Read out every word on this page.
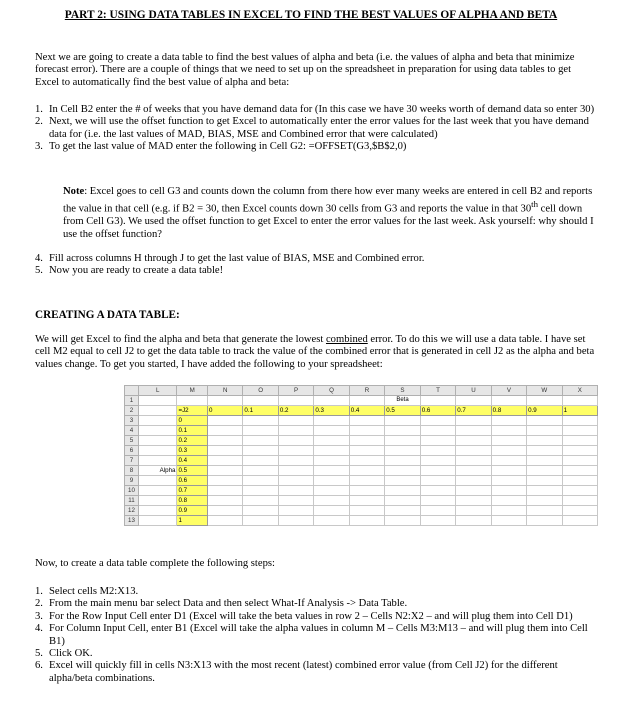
PART 2: USING DATA TABLES IN EXCEL TO FIND THE BEST VALUES OF ALPHA AND BETA
Next we are going to create a data table to find the best values of alpha and beta (i.e. the values of alpha and beta that minimize forecast error). There are a couple of things that we need to set up on the spreadsheet in preparation for using data tables to get Excel to automatically find the best value of alpha and beta:
1. In Cell B2 enter the # of weeks that you have demand data for (In this case we have 30 weeks worth of demand data so enter 30)
2. Next, we will use the offset function to get Excel to automatically enter the error values for the last week that you have demand data for (i.e. the last values of MAD, BIAS, MSE and Combined error that were calculated)
3. To get the last value of MAD enter the following in Cell G2: =OFFSET(G3,$B$2,0)
Note: Excel goes to cell G3 and counts down the column from there how ever many weeks are entered in cell B2 and reports the value in that cell (e.g. if B2 = 30, then Excel counts down 30 cells from G3 and reports the value in that 30th cell down from Cell G3). We used the offset function to get Excel to enter the error values for the last week. Ask yourself: why should I use the offset function?
4. Fill across columns H through J to get the last value of BIAS, MSE and Combined error.
5. Now you are ready to create a data table!
CREATING A DATA TABLE:
We will get Excel to find the alpha and beta that generate the lowest combined error. To do this we will use a data table. I have set cell M2 equal to cell J2 to get the data table to track the value of the combined error that is generated in cell J2 as the alpha and beta values change. To get you started, I have added the following to your spreadsheet:
	L	M	N	O	P	Q	R	S	T	U	V	W	X
1								Beta					
2		=J2	0	0.1	0.2	0.3	0.4	0.5	0.6	0.7	0.8	0.9	1
3		0											
4		0.1											
5		0.2											
6		0.3											
7		0.4											
8	Alpha	0.5											
9		0.6											
10		0.7											
11		0.8											
12		0.9											
13		1											
Now, to create a data table complete the following steps:
1. Select cells M2:X13.
2. From the main menu bar select Data and then select What-If Analysis -> Data Table.
3. For the Row Input Cell enter D1 (Excel will take the beta values in row 2 – Cells N2:X2 – and will plug them into Cell D1)
4. For Column Input Cell, enter B1 (Excel will take the alpha values in column M – Cells M3:M13 – and will plug them into Cell B1)
5. Click OK.
6. Excel will quickly fill in cells N3:X13 with the most recent (latest) combined error value (from Cell J2) for the different alpha/beta combinations.
